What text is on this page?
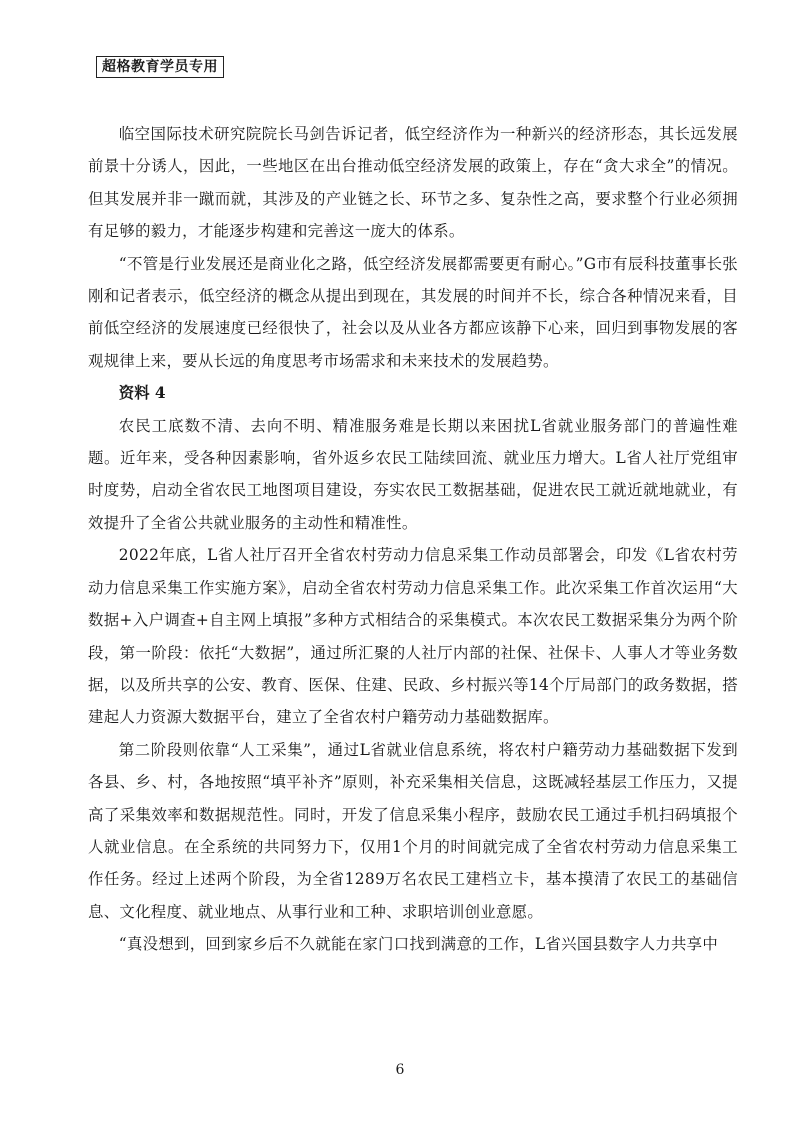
超格教育学员专用

临空国际技术研究院院长马剑告诉记者，低空经济作为一种新兴的经济形态，其长远发展前景十分诱人，因此，一些地区在出台推动低空经济发展的政策上，存在“贪大求全”的情况。但其发展并非一蹴而就，其涉及的产业链之长、环节之多、复杂性之高，要求整个行业必须拥有足够的毅力，才能逐步构建和完善这一庞大的体系。

“不管是行业发展还是商业化之路，低空经济发展都需要更有耐心。”G市有辰科技董事长张刚和记者表示，低空经济的概念从提出到现在，其发展的时间并不长，综合各种情况来看，目前低空经济的发展速度已经很快了，社会以及从业各方都应该静下心来，回归到事物发展的客观规律上来，要从长远的角度思考市场需求和未来技术的发展趋势。

资料 4

农民工底数不清、去向不明、精准服务难是长期以来困扰L省就业服务部门的普遍性难题。近年来，受各种因素影响，省外返乡农民工陆续回流、就业压力增大。L省人社厅党组审时度势，启动全省农民工地图项目建设，夯实农民工数据基础，促进农民工就近就地就业，有效提升了全省公共就业服务的主动性和精准性。

2022年底，L省人社厅召开全省农村劳动力信息采集工作动员部署会，印发《L省农村劳动力信息采集工作实施方案》，启动全省农村劳动力信息采集工作。此次采集工作首次运用“大数据+入户调查+自主网上填报”多种方式相结合的采集模式。本次农民工数据采集分为两个阶段，第一阶段：依托“大数据”，通过所汇聚的人社厅内部的社保、社保卡、人事人才等业务数据，以及所共享的公安、教育、医保、住建、民政、乡村振兴等14个厅局部门的政务数据，搭建起人力资源大数据平台，建立了全省农村户籍劳动力基础数据库。

第二阶段则依靠“人工采集”，通过L省就业信息系统，将农村户籍劳动力基础数据下发到各县、乡、村，各地按照“填平补齐”原则，补充采集相关信息，这既减轻基层工作压力，又提高了采集效率和数据规范性。同时，开发了信息采集小程序，鼓励农民工通过手机扫码填报个人就业信息。在全系统的共同努力下，仅用1个月的时间就完成了全省农村劳动力信息采集工作任务。经过上述两个阶段，为全省1289万名农民工建档立卡，基本摸清了农民工的基础信息、文化程度、就业地点、从事行业和工种、求职培训创业意愿。

“真没想到，回到家乡后不久就能在家门口找到满意的工作，L省兴国县数字人力共享中

6
